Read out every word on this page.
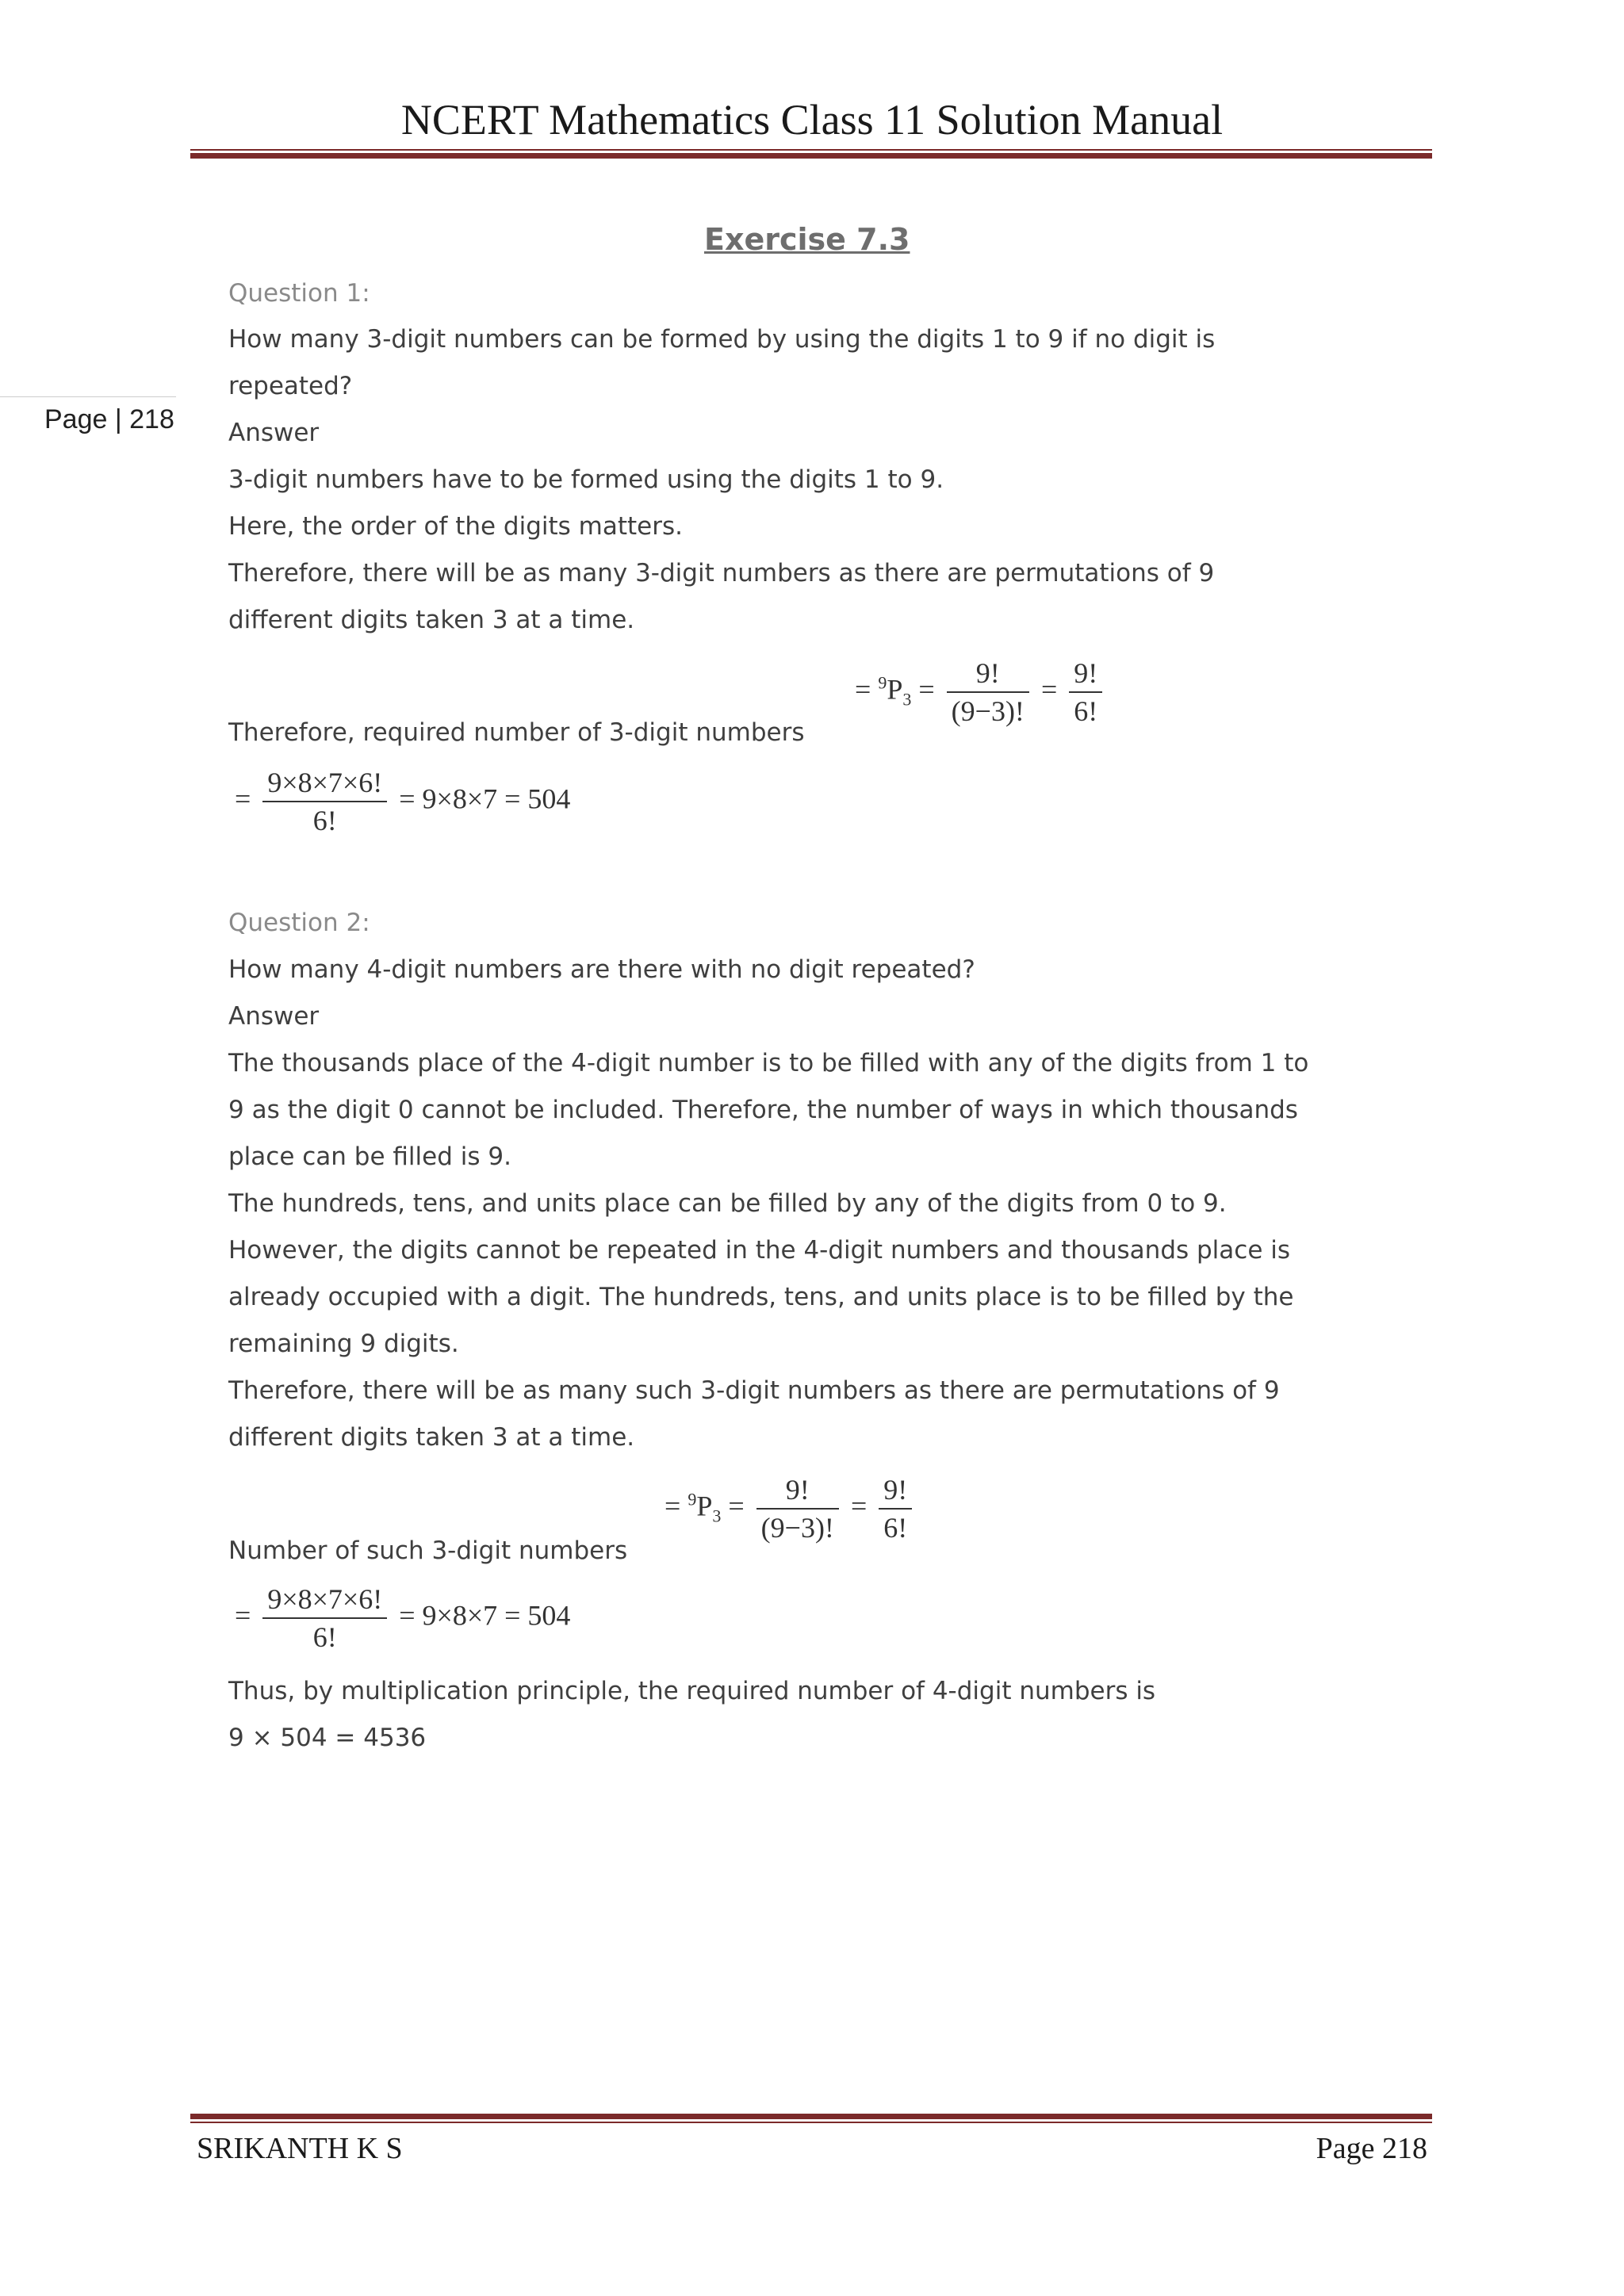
NCERT Mathematics Class 11 Solution Manual
Page | 218
Exercise 7.3
Question 1:
How many 3-digit numbers can be formed by using the digits 1 to 9 if no digit is
repeated?
Answer
3-digit numbers have to be formed using the digits 1 to 9.
Here, the order of the digits matters.
Therefore, there will be as many 3-digit numbers as there are permutations of 9
different digits taken 3 at a time.
Therefore, required number of 3-digit numbers
= $^9P_3 = \frac{9!}{(9-3)!} = \frac{9!}{6!}$
= $\frac{9\times 8\times 7\times 6!}{6!} = 9\times 8\times 7 = 504$
Question 2:
How many 4-digit numbers are there with no digit repeated?
Answer
The thousands place of the 4-digit number is to be filled with any of the digits from 1 to
9 as the digit 0 cannot be included. Therefore, the number of ways in which thousands
place can be filled is 9.
The hundreds, tens, and units place can be filled by any of the digits from 0 to 9.
However, the digits cannot be repeated in the 4-digit numbers and thousands place is
already occupied with a digit. The hundreds, tens, and units place is to be filled by the
remaining 9 digits.
Therefore, there will be as many such 3-digit numbers as there are permutations of 9
different digits taken 3 at a time.
Number of such 3-digit numbers
= $^9P_3 = \frac{9!}{(9-3)!} = \frac{9!}{6!}$
= $\frac{9\times 8\times 7\times 6!}{6!} = 9\times 8\times 7 = 504$
Thus, by multiplication principle, the required number of 4-digit numbers is
9 × 504 = 4536
SRIKANTH K S	Page 218
